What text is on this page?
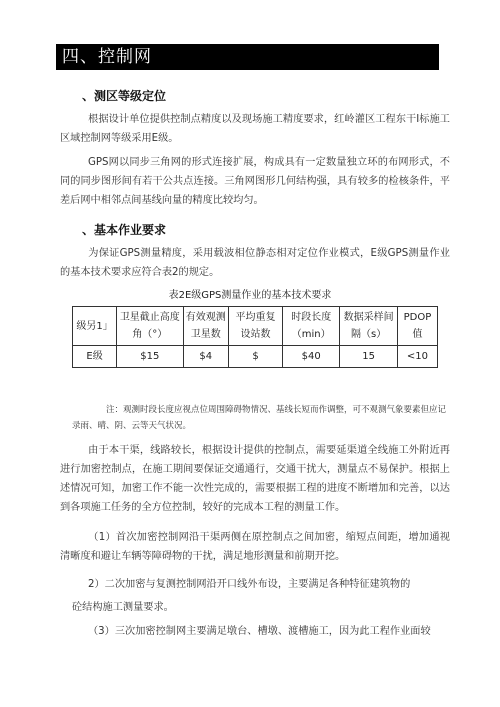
四、控制网
、测区等级定位
根据设计单位提供控制点精度以及现场施工精度要求，红岭灌区工程东干Ⅰ标施工区域控制网等级采用E级。
GPS网以同步三角网的形式连接扩展，构成具有一定数量独立环的布网形式，不同的同步图形间有若干公共点连接。三角网图形几何结构强，具有较多的检核条件，平差后网中相邻点间基线向量的精度比较均匀。
、基本作业要求
为保证GPS测量精度，采用载波相位静态相对定位作业模式，E级GPS测量作业的基本技术要求应符合表2的规定。
表2E级GPS测量作业的基本技术要求
级另1」	卫星截止高度角（°）	有效观测卫星数	平均重复设站数	时段长度（min）	数据采样间隔（s）	PDOP值
E级	$15	$4	$	$40	15	<10
注：观测时段长度应视点位周围障碍物情况、基线长短而作调整，可不观测气象要素但应记录雨、晴、阴、云等天气状况。
由于本干渠，线路较长，根据设计提供的控制点，需要延渠道全线施工外附近再进行加密控制点，在施工期间要保证交通通行，交通干扰大，测量点不易保护。根据上述情况可知，加密工作不能一次性完成的，需要根据工程的进度不断增加和完善，以达到各项施工任务的全方位控制，较好的完成本工程的测量工作。
（1）首次加密控制网沿干渠两侧在原控制点之间加密，缩短点间距，增加通视清晰度和避让车辆等障碍物的干扰，满足地形测量和前期开挖。
2）二次加密与复测控制网沿开口线外布设，主要满足各种特征建筑物的
砼结构施工测量要求。
（3）三次加密控制网主要满足墩台、槽墩、渡槽施工，因为此工程作业面较
